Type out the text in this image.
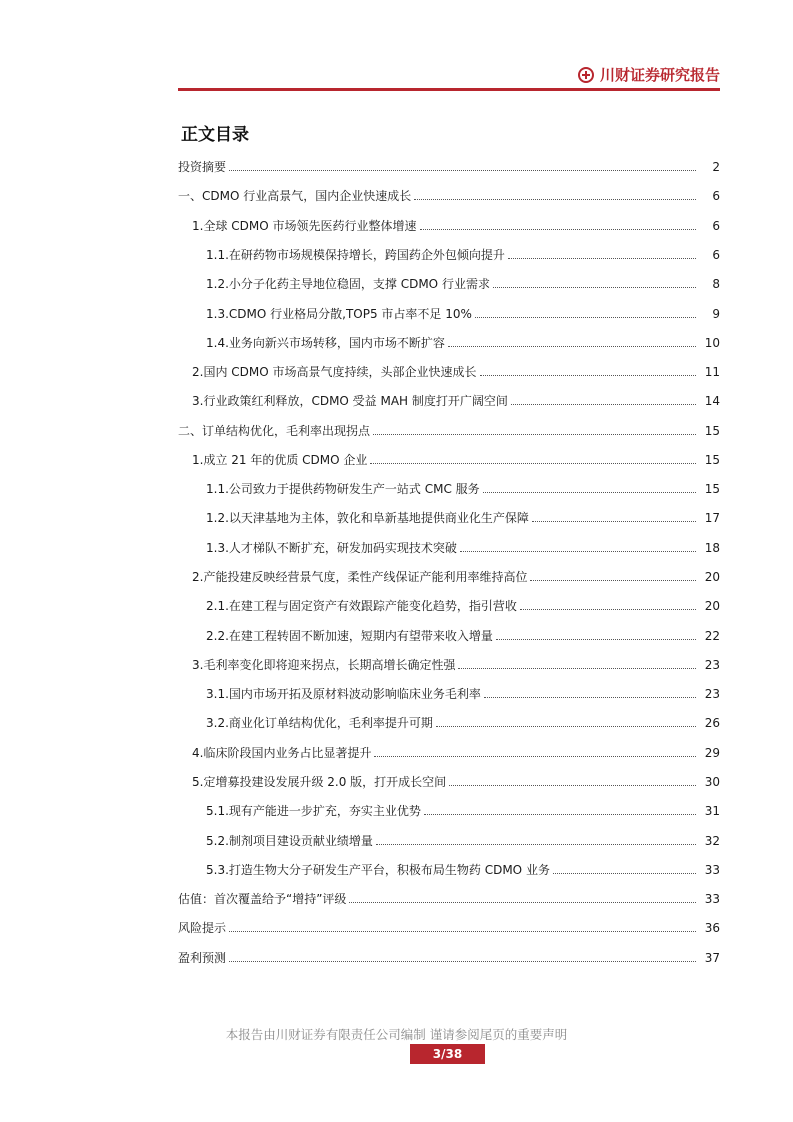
川财证券研究报告
正文目录
投资摘要	2
一、CDMO 行业高景气，国内企业快速成长	6
1.全球 CDMO 市场领先医药行业整体增速	6
1.1.在研药物市场规模保持增长，跨国药企外包倾向提升	6
1.2.小分子化药主导地位稳固，支撑 CDMO 行业需求	8
1.3.CDMO 行业格局分散,TOP5 市占率不足 10%	9
1.4.业务向新兴市场转移，国内市场不断扩容	10
2.国内 CDMO 市场高景气度持续，头部企业快速成长	11
3.行业政策红利释放，CDMO 受益 MAH 制度打开广阔空间	14
二、订单结构优化，毛利率出现拐点	15
1.成立 21 年的优质 CDMO 企业	15
1.1.公司致力于提供药物研发生产一站式 CMC 服务	15
1.2.以天津基地为主体，敦化和阜新基地提供商业化生产保障	17
1.3.人才梯队不断扩充，研发加码实现技术突破	18
2.产能投建反映经营景气度，柔性产线保证产能利用率维持高位	20
2.1.在建工程与固定资产有效跟踪产能变化趋势，指引营收	20
2.2.在建工程转固不断加速，短期内有望带来收入增量	22
3.毛利率变化即将迎来拐点，长期高增长确定性强	23
3.1.国内市场开拓及原材料波动影响临床业务毛利率	23
3.2.商业化订单结构优化，毛利率提升可期	26
4.临床阶段国内业务占比显著提升	29
5.定增募投建设发展升级 2.0 版，打开成长空间	30
5.1.现有产能进一步扩充，夯实主业优势	31
5.2.制剂项目建设贡献业绩增量	32
5.3.打造生物大分子研发生产平台，积极布局生物药 CDMO 业务	33
估值：首次覆盖给予“增持”评级	33
风险提示	36
盈利预测	37
本报告由川财证券有限责任公司编制 谨请参阅尾页的重要声明
3/38
